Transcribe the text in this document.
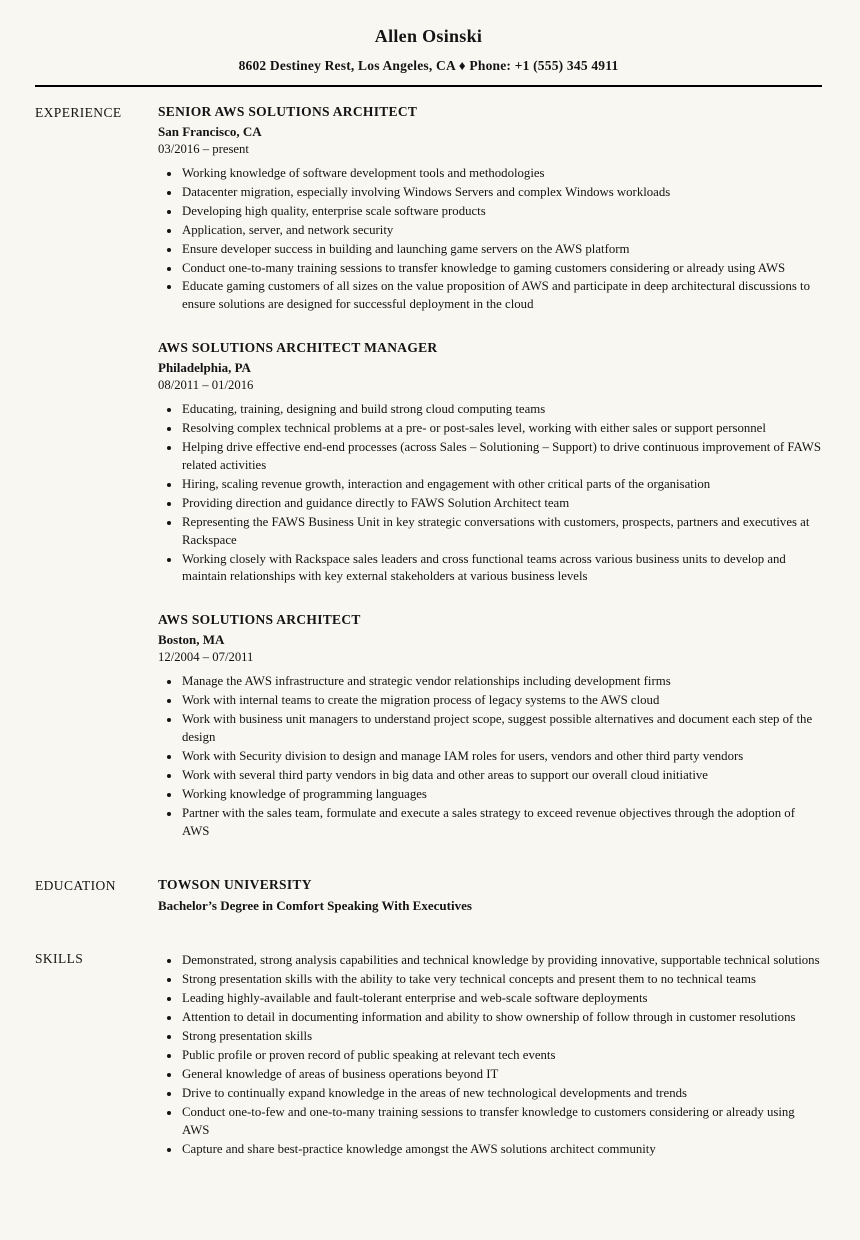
Allen Osinski
8602 Destiney Rest, Los Angeles, CA ♦ Phone: +1 (555) 345 4911
EXPERIENCE	SENIOR AWS SOLUTIONS ARCHITECT
San Francisco, CA
03/2016 – present
• Working knowledge of software development tools and methodologies
• Datacenter migration, especially involving Windows Servers and complex Windows workloads
• Developing high quality, enterprise scale software products
• Application, server, and network security
• Ensure developer success in building and launching game servers on the AWS platform
• Conduct one-to-many training sessions to transfer knowledge to gaming customers considering or already using AWS
• Educate gaming customers of all sizes on the value proposition of AWS and participate in deep architectural discussions to ensure solutions are designed for successful deployment in the cloud
AWS SOLUTIONS ARCHITECT MANAGER
Philadelphia, PA
08/2011 – 01/2016
• Educating, training, designing and build strong cloud computing teams
• Resolving complex technical problems at a pre- or post-sales level, working with either sales or support personnel
• Helping drive effective end-end processes (across Sales – Solutioning – Support) to drive continuous improvement of FAWS related activities
• Hiring, scaling revenue growth, interaction and engagement with other critical parts of the organisation
• Providing direction and guidance directly to FAWS Solution Architect team
• Representing the FAWS Business Unit in key strategic conversations with customers, prospects, partners and executives at Rackspace
• Working closely with Rackspace sales leaders and cross functional teams across various business units to develop and maintain relationships with key external stakeholders at various business levels
AWS SOLUTIONS ARCHITECT
Boston, MA
12/2004 – 07/2011
• Manage the AWS infrastructure and strategic vendor relationships including development firms
• Work with internal teams to create the migration process of legacy systems to the AWS cloud
• Work with business unit managers to understand project scope, suggest possible alternatives and document each step of the design
• Work with Security division to design and manage IAM roles for users, vendors and other third party vendors
• Work with several third party vendors in big data and other areas to support our overall cloud initiative
• Working knowledge of programming languages
• Partner with the sales team, formulate and execute a sales strategy to exceed revenue objectives through the adoption of AWS
EDUCATION	TOWSON UNIVERSITY
Bachelor’s Degree in Comfort Speaking With Executives
SKILLS	• Demonstrated, strong analysis capabilities and technical knowledge by providing innovative, supportable technical solutions
• Strong presentation skills with the ability to take very technical concepts and present them to no technical teams
• Leading highly-available and fault-tolerant enterprise and web-scale software deployments
• Attention to detail in documenting information and ability to show ownership of follow through in customer resolutions
• Strong presentation skills
• Public profile or proven record of public speaking at relevant tech events
• General knowledge of areas of business operations beyond IT
• Drive to continually expand knowledge in the areas of new technological developments and trends
• Conduct one-to-few and one-to-many training sessions to transfer knowledge to customers considering or already using AWS
• Capture and share best-practice knowledge amongst the AWS solutions architect community
